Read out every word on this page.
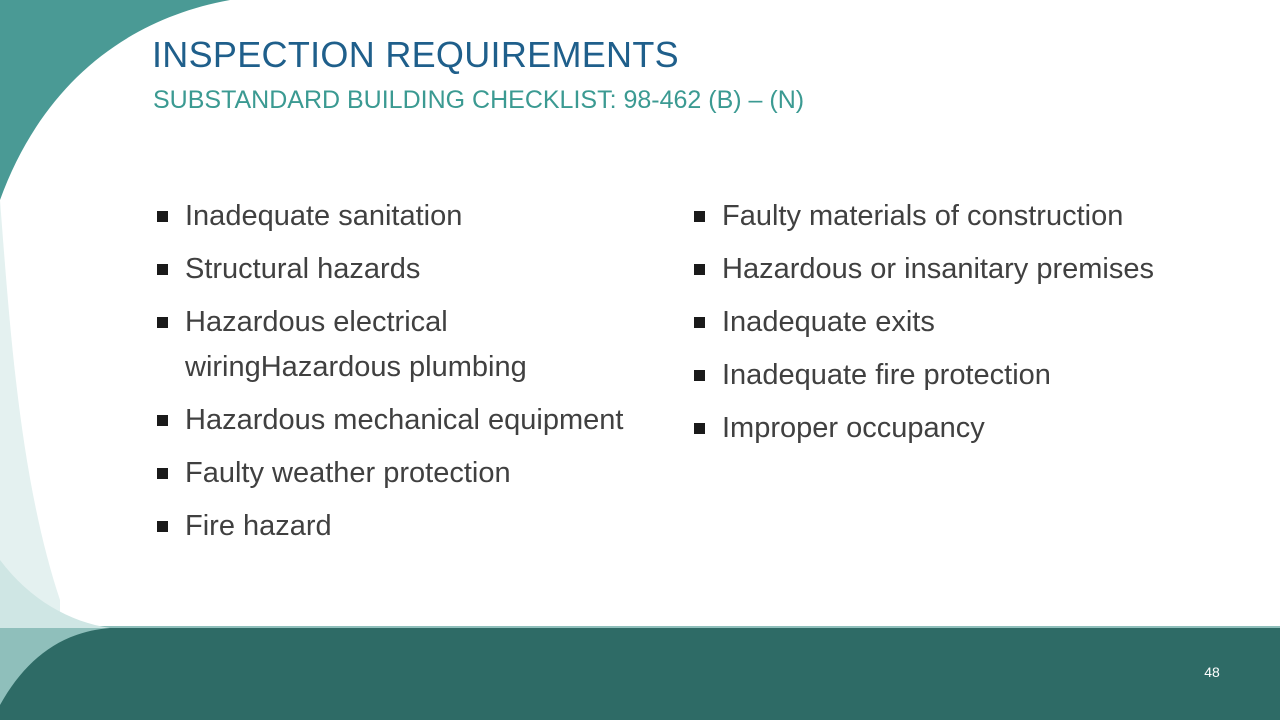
INSPECTION REQUIREMENTS
SUBSTANDARD BUILDING CHECKLIST: 98-462 (B) – (N)
Inadequate sanitation
Structural hazards
Hazardous electrical wiringHazardous plumbing
Hazardous mechanical equipment
Faulty weather protection
Fire hazard
Faulty materials of construction
Hazardous or insanitary premises
Inadequate exits
Inadequate fire protection
Improper occupancy
48
